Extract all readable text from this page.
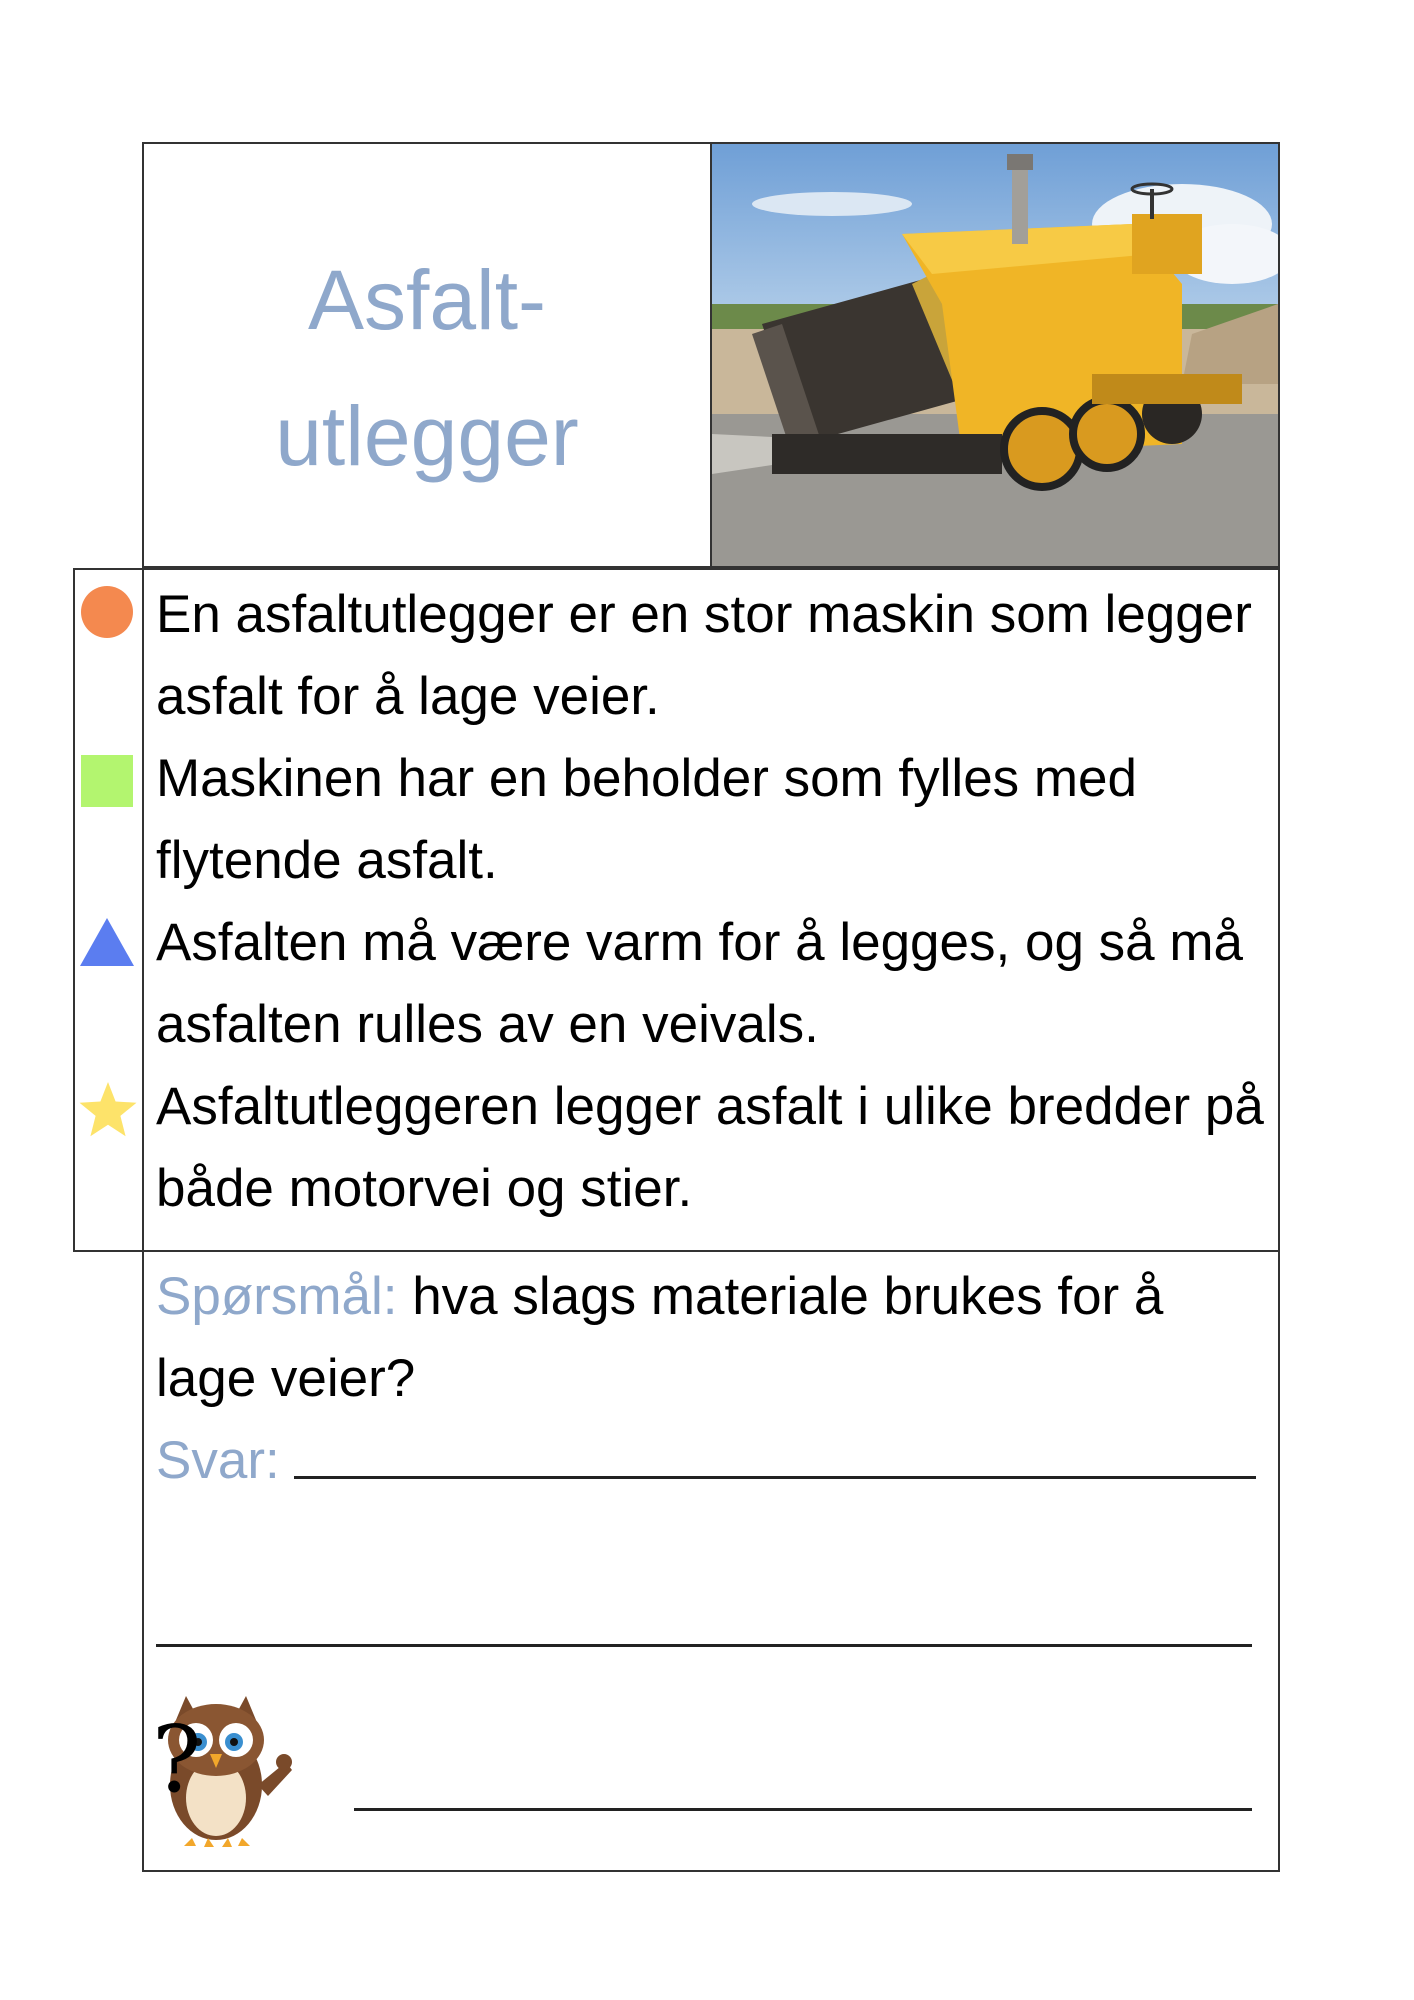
Asfalt-
utlegger

En asfaltutlegger er en stor maskin som legger asfalt for å lage veier.

Maskinen har en beholder som fylles med flytende asfalt.

Asfalten må være varm for å legges, og så må asfalten rulles av en veivals.

Asfaltutleggeren legger asfalt i ulike bredder på både motorvei og stier.

Spørsmål: hva slags materiale brukes for å lage veier?
Svar:
?
